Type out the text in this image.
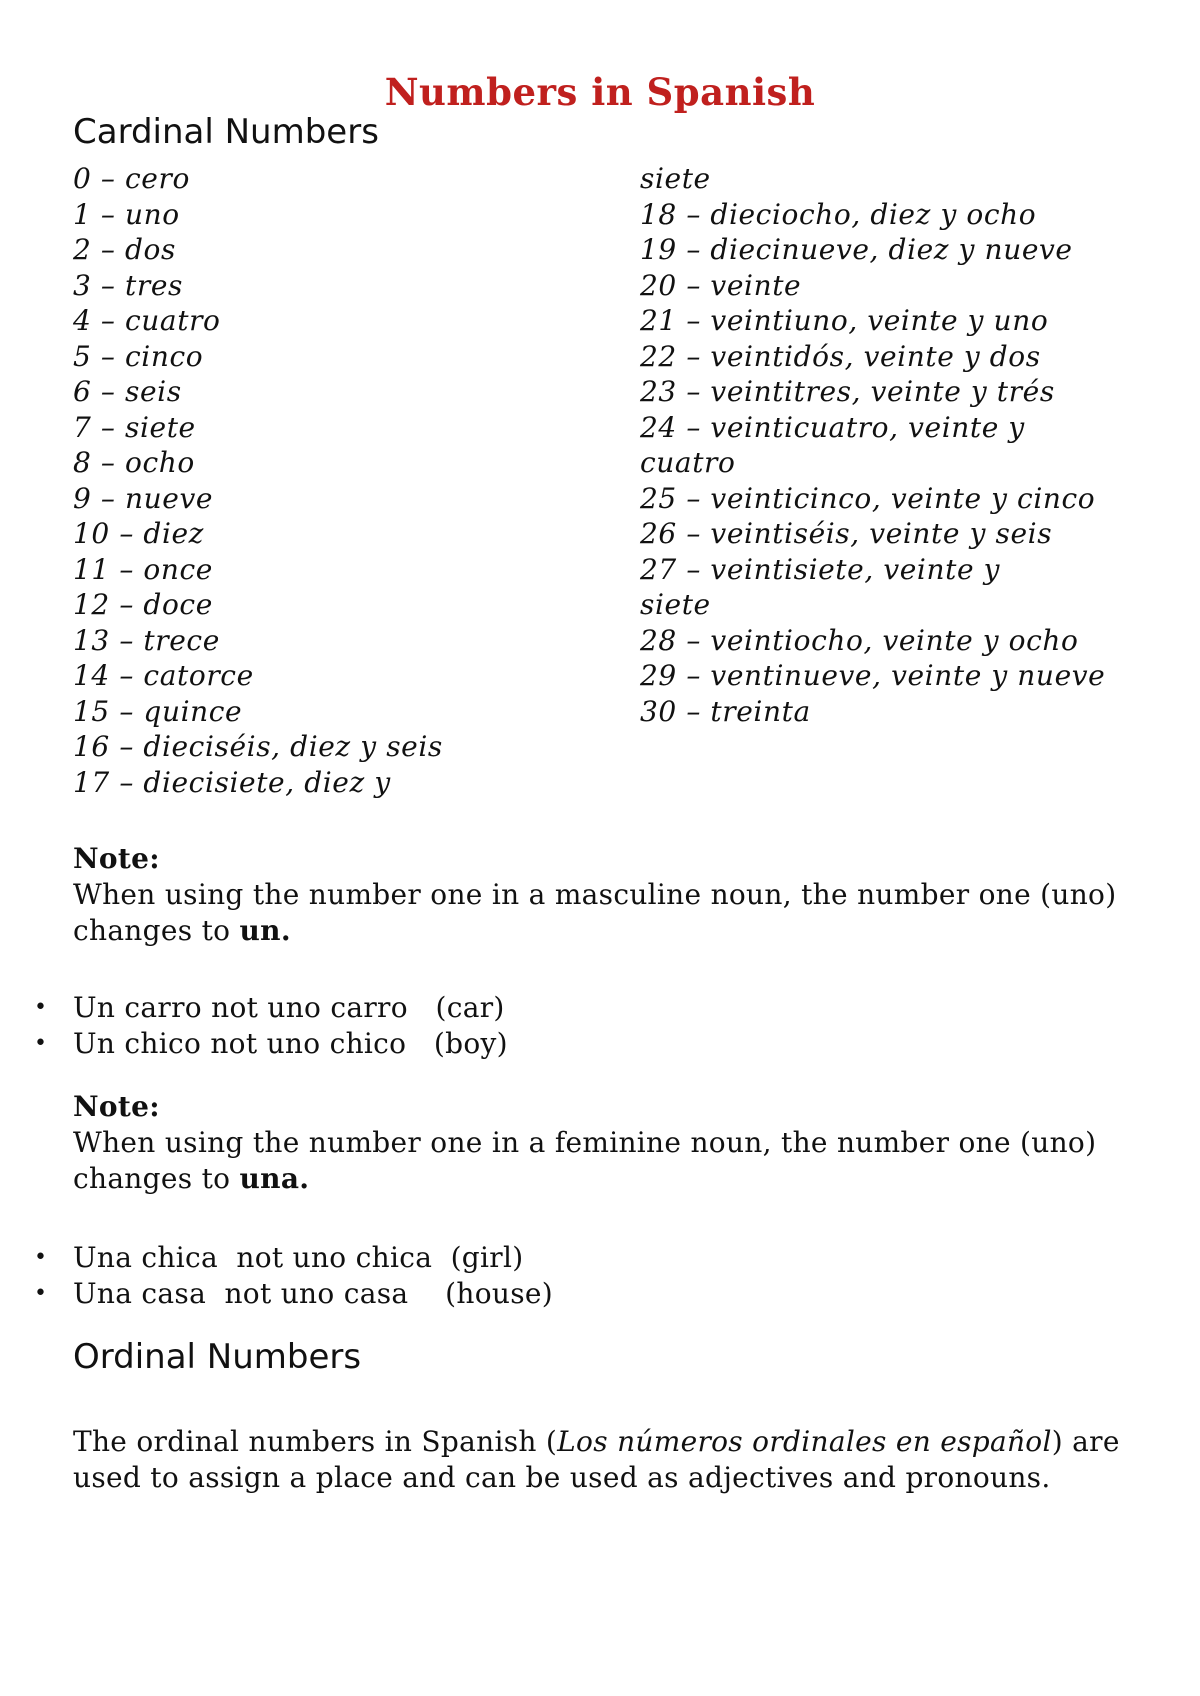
Numbers in Spanish
Cardinal Numbers
0 – cero
1 – uno
2 – dos
3 – tres
4 – cuatro
5 – cinco
6 – seis
7 – siete
8 – ocho
9 – nueve
10 – diez
11 – once
12 – doce
13 – trece
14 – catorce
15 – quince
16 – dieciséis, diez y seis
17 – diecisiete, diez y
siete
18 – dieciocho, diez y ocho
19 – diecinueve, diez y nueve
20 – veinte
21 – veintiuno, veinte y uno
22 – veintidós, veinte y dos
23 – veintitres, veinte y trés
24 – veinticuatro, veinte y
cuatro
25 – veinticinco, veinte y cinco
26 – veintiséis, veinte y seis
27 – veintisiete, veinte y
siete
28 – veintiocho, veinte y ocho
29 – ventinueve, veinte y nueve
30 – treinta
Note:
When using the number one in a masculine noun, the number one (uno) changes to un.
• Un carro not uno carro   (car)
• Un chico not uno chico   (boy)
Note:
When using the number one in a feminine noun, the number one (uno) changes to una.
• Una chica  not uno chica  (girl)
• Una casa  not uno casa    (house)
Ordinal Numbers
The ordinal numbers in Spanish (Los números ordinales en español) are used to assign a place and can be used as adjectives and pronouns.
